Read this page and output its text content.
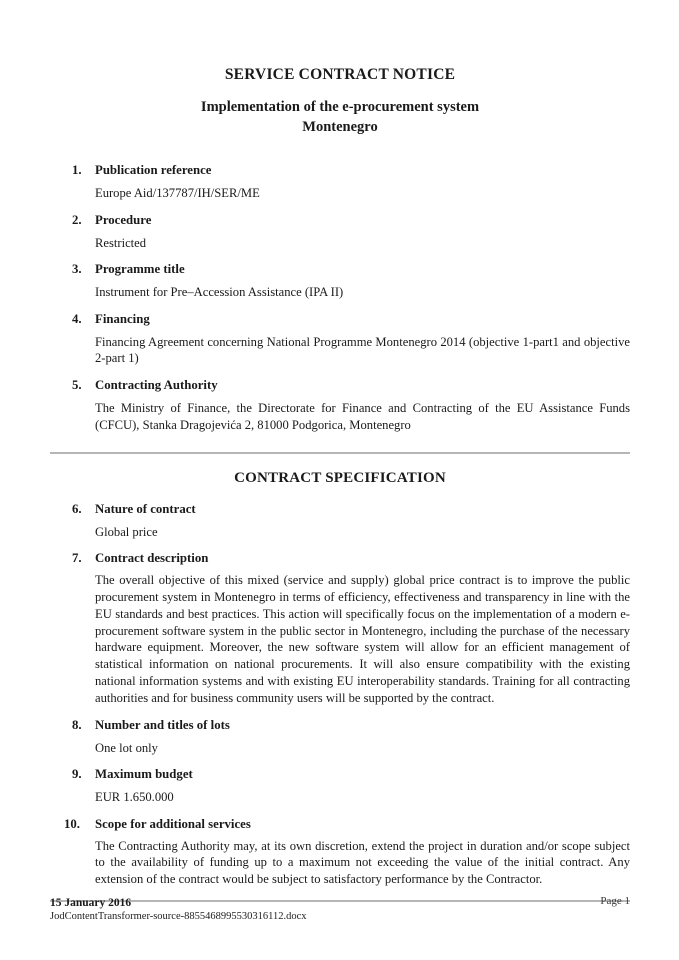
SERVICE CONTRACT NOTICE
Implementation of the e-procurement system
Montenegro
1. Publication reference
Europe Aid/137787/IH/SER/ME
2. Procedure
Restricted
3. Programme title
Instrument for Pre–Accession Assistance (IPA II)
4. Financing
Financing Agreement concerning National Programme Montenegro 2014 (objective 1-part1 and objective 2-part 1)
5. Contracting Authority
The Ministry of Finance, the Directorate for Finance and Contracting of the EU Assistance Funds (CFCU), Stanka Dragojevića 2, 81000 Podgorica, Montenegro
CONTRACT SPECIFICATION
6. Nature of contract
Global price
7. Contract description
The overall objective of this mixed (service and supply) global price contract is to improve the public procurement system in Montenegro in terms of efficiency, effectiveness and transparency in line with the EU standards and best practices. This action will specifically focus on the implementation of a modern e-procurement software system in the public sector in Montenegro, including the purchase of the necessary hardware equipment. Moreover, the new software system will allow for an efficient management of statistical information on national procurements. It will also ensure compatibility with the existing national information systems and with existing EU interoperability standards. Training for all contracting authorities and for business community users will be supported by the contract.
8. Number and titles of lots
One lot only
9. Maximum budget
EUR 1.650.000
10. Scope for additional services
The Contracting Authority may, at its own discretion, extend the project in duration and/or scope subject to the availability of funding up to a maximum not exceeding the value of the initial contract. Any extension of the contract would be subject to satisfactory performance by the Contractor.
15 January 2016	Page 1
JodContentTransformer-source-8855468995530316112.docx
